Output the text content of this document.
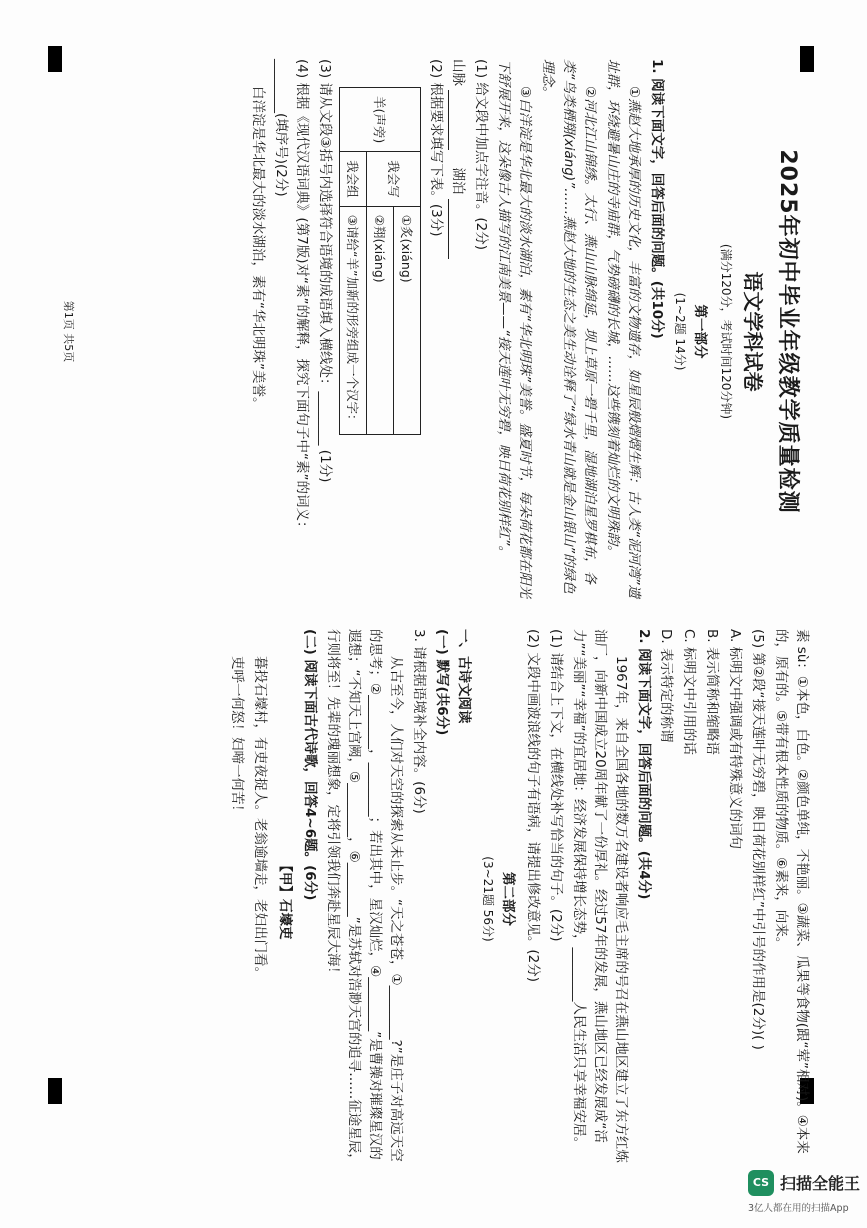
2025年初中毕业年级教学质量检测
语文学科试卷
(满分120分，考试时间120分钟)
第一部分
(1~2题 14分)

1. 阅读下面文字，回答后面的问题。(共10分)

①燕赵大地承厚的历史文化，丰富的文物遗存，如星辰般熠熠生辉：古人类“泥河湾”遗址群，环绕避暑山庄的寺庙群，气势磅礴的长城，……这些镌刻着灿烂的文明殊韵。

②河北江山锦绣。太行、燕山山脉绵延，坝上草原一碧千里，湿地湖泊星罗棋布，各类“鸟类栖翔(xiáng)”……燕赵大地的生态之美生动诠释了“绿水青山就是金山银山”的绿色理念。

③白洋淀是华北最大的淡水湖泊，素有“华北明珠”美誉。盛夏时节，每朵荷花都在阳光下舒展开来，这朵像古人描写的江南美景——“接天莲叶无穷碧，映日荷花别样红”。

(1) 给文段中加点字注音。(2分)

山脉     湖泊

(2) 根据要求填写下表。(3分)

羊(声旁)	我会写	①炙(xiáng)
		②翔(xiáng)
	我会组	③请给“羊”加新的形旁组成一个汉字：

(3) 请从文段③括号内选择符合语境的成语填入横线处：________ (1分)

(4) 根据《现代汉语词典》(第7版)对“素”的解释，探究下面句子中“素”的词义：________(填序号)(2分)

白洋淀是华北最大的淡水湖泊，素有“华北明珠”美誉。

第1页 共5页

素 sù：①本色，白色。②颜色单纯，不艳丽。③蔬菜、瓜果等食物(跟“荤”相对)。④本来的，原有的。⑤带有根本性质的物质。⑥素来，向来。

(5) 第②段“接天莲叶无穷碧，映日荷花别样红”中引号的作用是(2分)( )

A. 标明文中强调或有特殊意义的词句

B. 表示简称和缩略语

C. 标明文中引用的话

D. 表示特定的称谓

2. 阅读下面文字，回答后面的问题。(共4分)

1967年，来自全国各地的数万名建设者响应毛主席的号召在燕山地区建立了东方红炼油厂，向新中国成立20周年献了一份厚礼。经过57年的发展，燕山地区已经发展成“活力”“美丽”“幸福”的宜居地：经济发展保持增长态势，________人民生活只享幸福安居。

(1) 请结合上下文，在横线处补写恰当的句子。(2分)

(2) 文段中画波浪线的句子有语病，请提出修改意见。(2分)

第二部分
(3~21题 56分)

一、古诗文阅读

(一) 默写(共6分)

3. 请根据语境补全内容。(6分)

从古至今，人们对天空的探索从未止步。“天之苍苍，①________?”是庄子对高远天空的思考；②________，________；若出其中，星汉灿烂，④________”是曹操对璀璨星汉的遐想；“不知天上宫阙，⑤________，⑥________”是苏轼对浩渺天宫的追寻……征途星辰，行则将至！先辈的瑰丽想象，定将引领我们奔赴星辰大海！

(二) 阅读下面古代诗歌，回答4~6题。(6分)

【甲】石壕吏

暮投石壕村，有吏夜捉人。老翁逾墙走，老妇出门看。

吏呼一何怒！妇啼一何苦！

CS 扫描全能王
3亿人都在用的扫描App
